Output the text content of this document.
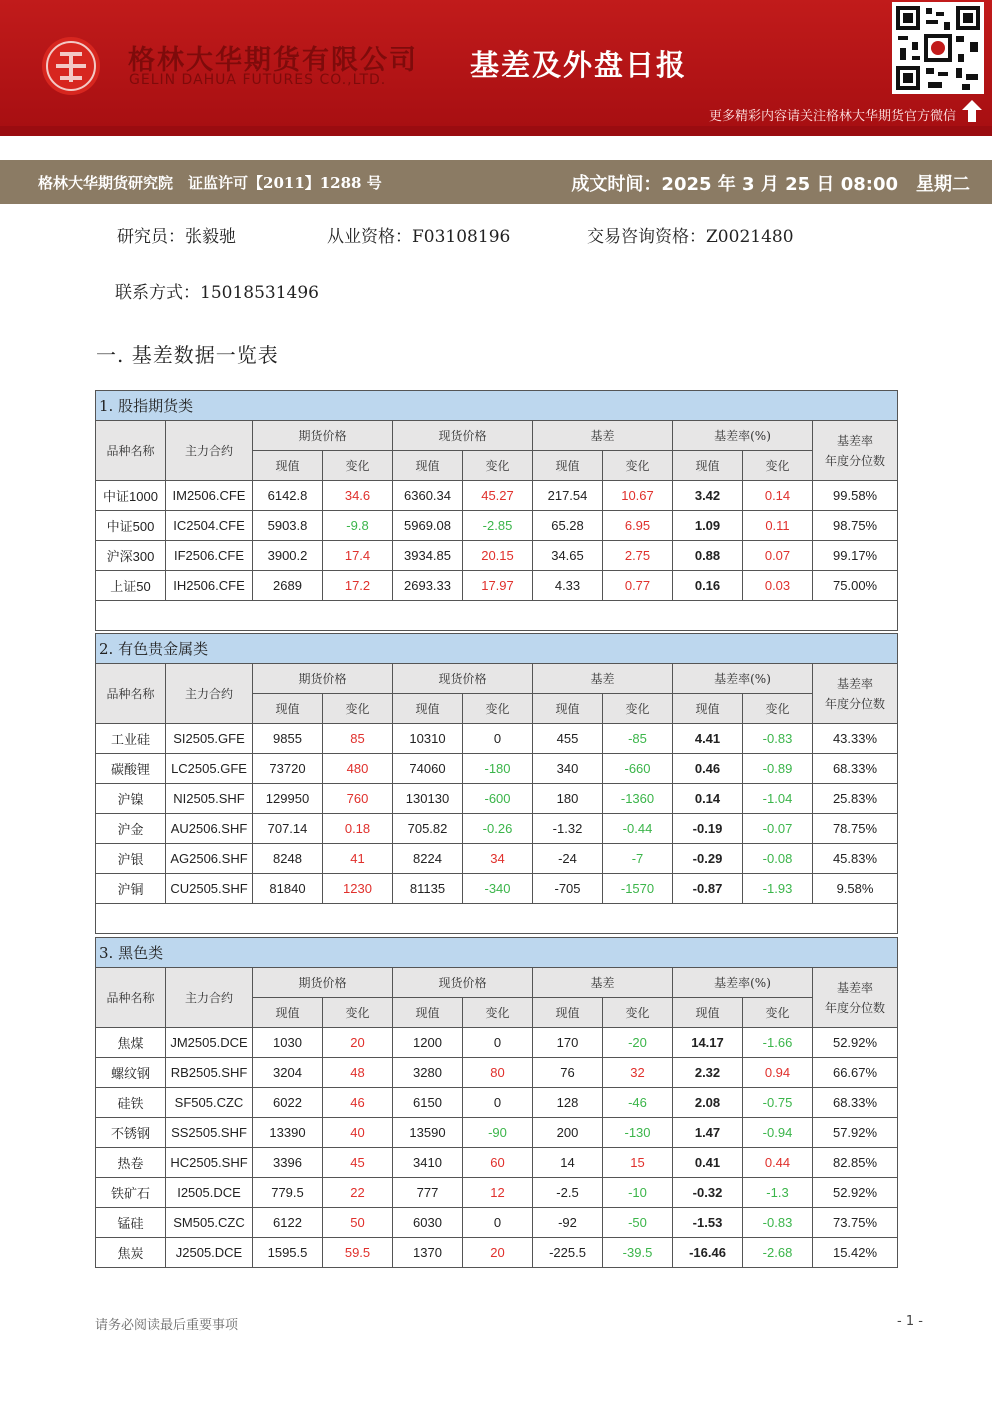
格林大华期货有限公司
GELIN DAHUA FUTURES CO.,LTD.	基差及外盘日报
更多精彩内容请关注格林大华期货官方微信
格林大华期货研究院　证监许可【2011】1288 号	成文时间：2025 年 3 月 25 日 08:00　星期二
研究员：张毅驰	从业资格：F03108196	交易咨询资格：Z0021480
联系方式：15018531496
一. 基差数据一览表
1. 股指期货类										
品种名称	主力合约	期货价格		现货价格		基差		基差率(%)		基差率
年度分位数
		现值	变化	现值	变化	现值	变化	现值	变化	
中证1000	IM2506.CFE	6142.8	34.6	6360.34	45.27	217.54	10.67	3.42	0.14	99.58%
中证500	IC2504.CFE	5903.8	-9.8	5969.08	-2.85	65.28	6.95	1.09	0.11	98.75%
沪深300	IF2506.CFE	3900.2	17.4	3934.85	20.15	34.65	2.75	0.88	0.07	99.17%
上证50	IH2506.CFE	2689	17.2	2693.33	17.97	4.33	0.77	0.16	0.03	75.00%

2. 有色贵金属类										
品种名称	主力合约	期货价格		现货价格		基差		基差率(%)		基差率
年度分位数
		现值	变化	现值	变化	现值	变化	现值	变化	
工业硅	SI2505.GFE	9855	85	10310	0	455	-85	4.41	-0.83	43.33%
碳酸锂	LC2505.GFE	73720	480	74060	-180	340	-660	0.46	-0.89	68.33%
沪镍	NI2505.SHF	129950	760	130130	-600	180	-1360	0.14	-1.04	25.83%
沪金	AU2506.SHF	707.14	0.18	705.82	-0.26	-1.32	-0.44	-0.19	-0.07	78.75%
沪银	AG2506.SHF	8248	41	8224	34	-24	-7	-0.29	-0.08	45.83%
沪铜	CU2505.SHF	81840	1230	81135	-340	-705	-1570	-0.87	-1.93	9.58%

3. 黑色类										
品种名称	主力合约	期货价格		现货价格		基差		基差率(%)		基差率
年度分位数
		现值	变化	现值	变化	现值	变化	现值	变化	
焦煤	JM2505.DCE	1030	20	1200	0	170	-20	14.17	-1.66	52.92%
螺纹钢	RB2505.SHF	3204	48	3280	80	76	32	2.32	0.94	66.67%
硅铁	SF505.CZC	6022	46	6150	0	128	-46	2.08	-0.75	68.33%
不锈钢	SS2505.SHF	13390	40	13590	-90	200	-130	1.47	-0.94	57.92%
热卷	HC2505.SHF	3396	45	3410	60	14	15	0.41	0.44	82.85%
铁矿石	I2505.DCE	779.5	22	777	12	-2.5	-10	-0.32	-1.3	52.92%
锰硅	SM505.CZC	6122	50	6030	0	-92	-50	-1.53	-0.83	73.75%
焦炭	J2505.DCE	1595.5	59.5	1370	20	-225.5	-39.5	-16.46	-2.68	15.42%
请务必阅读最后重要事项	- 1 -
